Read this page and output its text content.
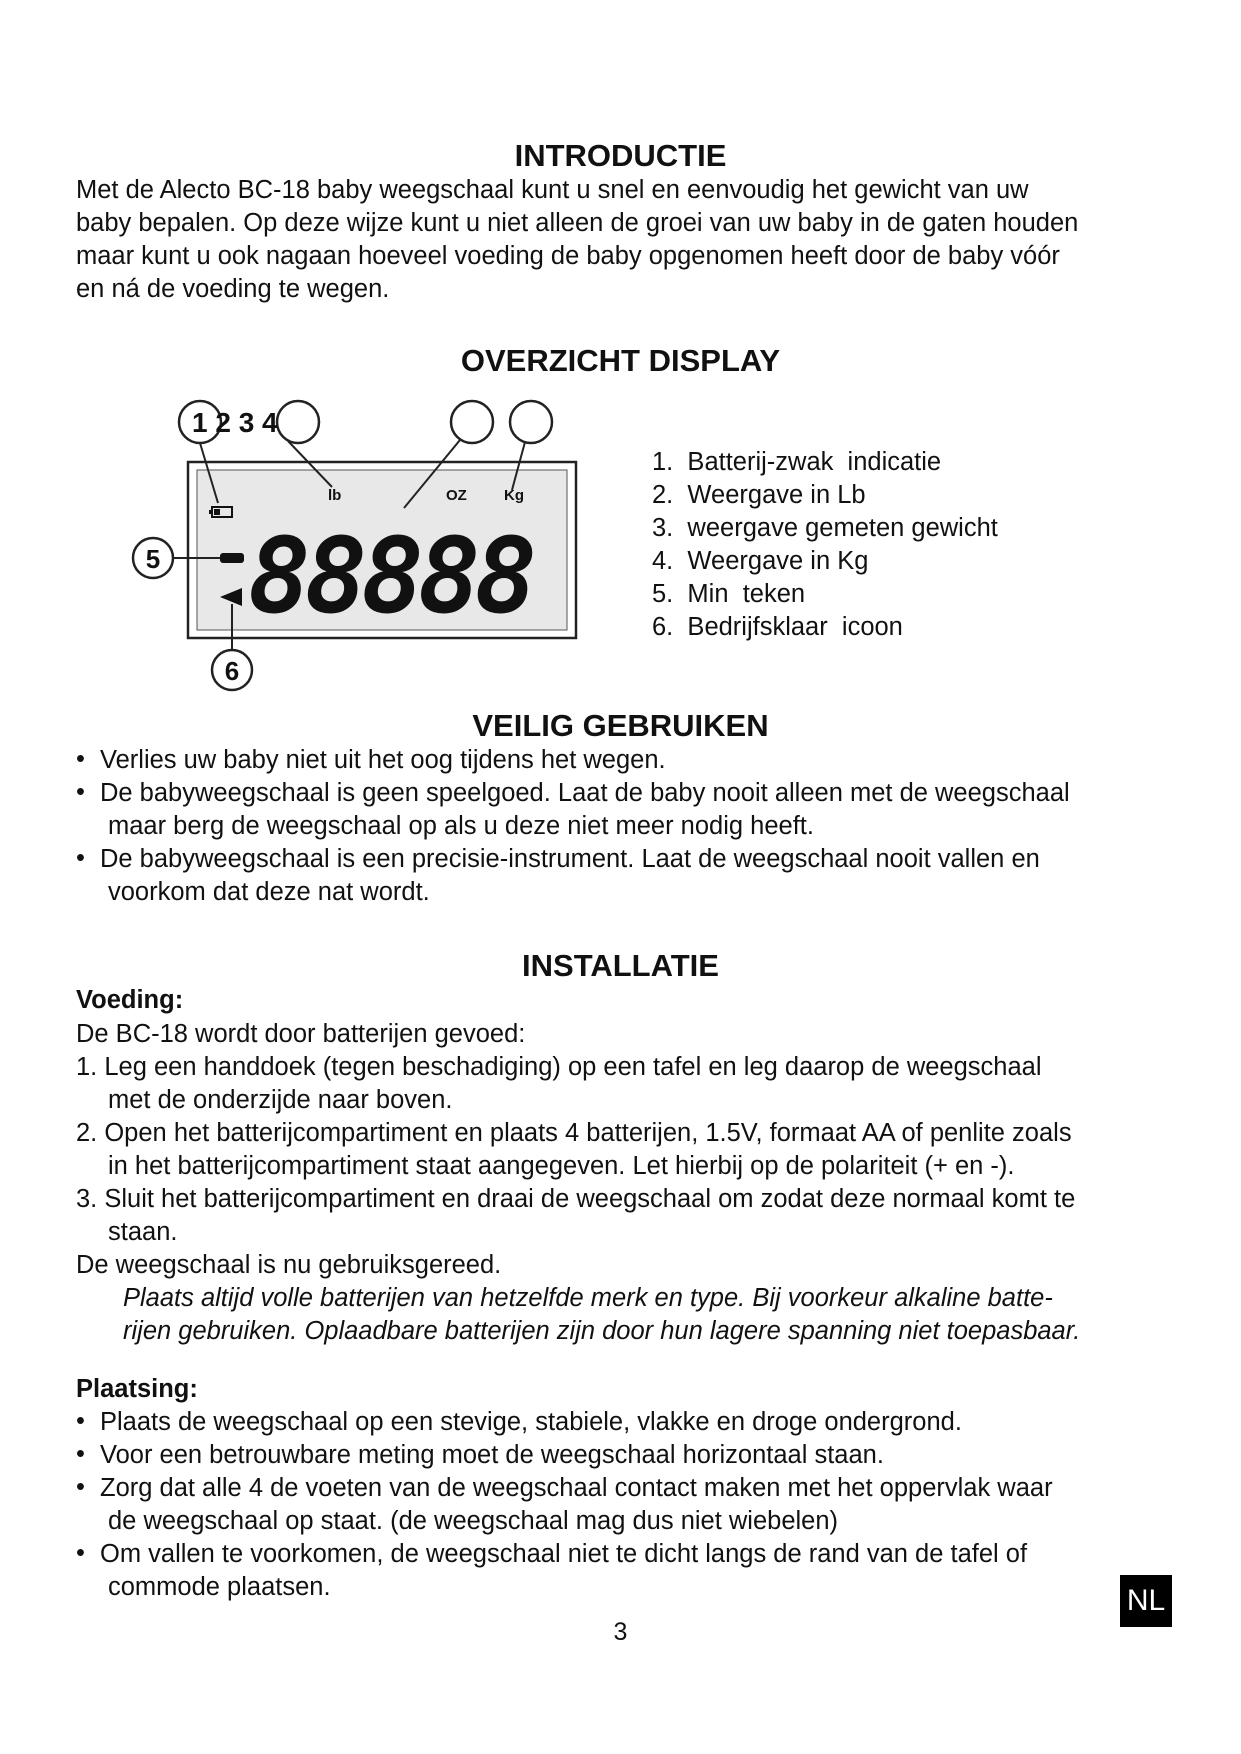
INTRODUCTIE

Met de Alecto BC-18 baby weegschaal kunt u snel en eenvoudig het gewicht van uw

baby bepalen. Op deze wijze kunt u niet alleen de groei van uw baby in de gaten houden

maar kunt u ook nagaan hoeveel voeding de baby opgenomen heeft door de baby vóór

en ná de voeding te wegen.

OVERZICHT DISPLAY
1 2 3 4
lb	OZ Kg
5
6
88888
1.  Batterij-zwak  indicatie
2.  Weergave in Lb
3.  weergave gemeten gewicht
4.  Weergave in Kg
5.  Min  teken
6.  Bedrijfsklaar  icoon
VEILIG GEBRUIKEN
• Verlies uw baby niet uit het oog tijdens het wegen.

• De babyweegschaal is geen speelgoed. Laat de baby nooit alleen met de weegschaal

maar berg de weegschaal op als u deze niet meer nodig heeft.

• De babyweegschaal is een precisie-instrument. Laat de weegschaal nooit vallen en

voorkom dat deze nat wordt.

INSTALLATIE

Voeding:

De BC-18 wordt door batterijen gevoed:

1. Leg een handdoek (tegen beschadiging) op een tafel en leg daarop de weegschaal

met de onderzijde naar boven.

2. Open het batterijcompartiment en plaats 4 batterijen, 1.5V, formaat AA of penlite zoals

in het batterijcompartiment staat aangegeven. Let hierbij op de polariteit (+ en -).

3. Sluit het batterijcompartiment en draai de weegschaal om zodat deze normaal komt te

staan.

De weegschaal is nu gebruiksgereed.

Plaats altijd volle batterijen van hetzelfde merk en type. Bij voorkeur alkaline batte-

rijen gebruiken. Oplaadbare batterijen zijn door hun lagere spanning niet toepasbaar.

Plaatsing:

• Plaats de weegschaal op een stevige, stabiele, vlakke en droge ondergrond.

• Voor een betrouwbare meting moet de weegschaal horizontaal staan.

• Zorg dat alle 4 de voeten van de weegschaal contact maken met het oppervlak waar

de weegschaal op staat. (de weegschaal mag dus niet wiebelen)

• Om vallen te voorkomen, de weegschaal niet te dicht langs de rand van de tafel of

commode plaatsen.	NL
3
